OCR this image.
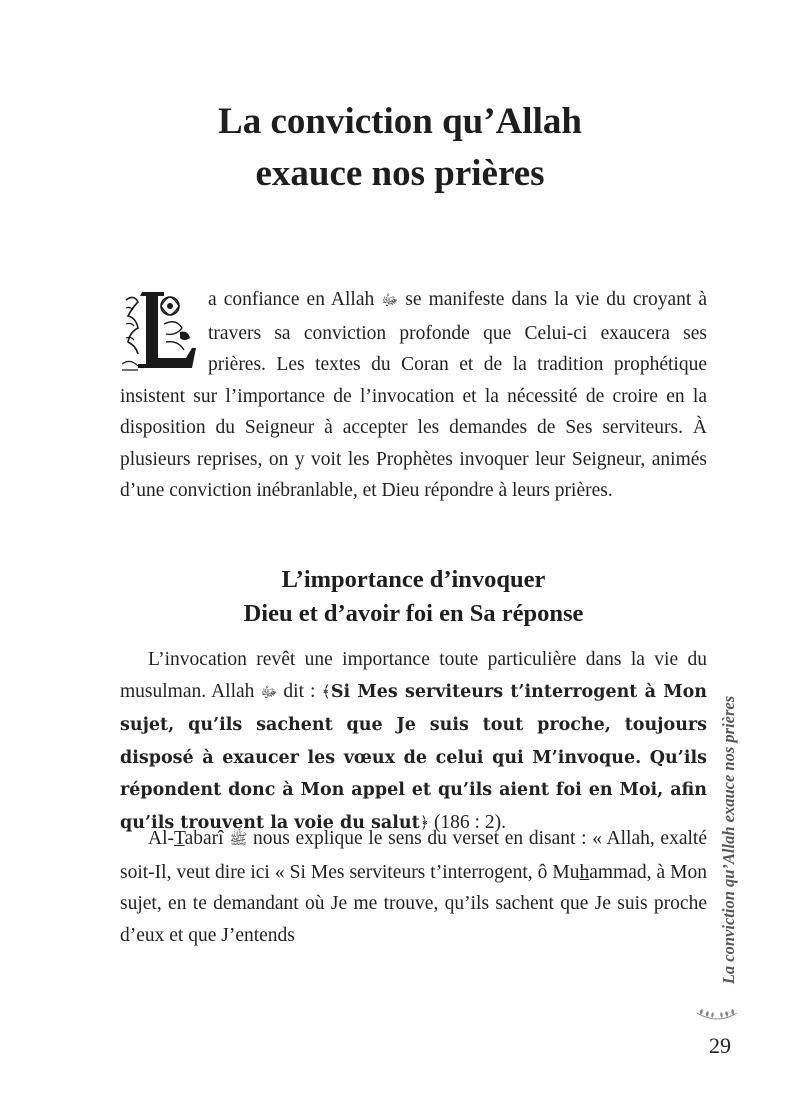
La conviction qu’Allah
exauce nos prières

a confiance en Allah ﷻ se manifeste dans la vie du croyant à travers sa conviction profonde que Celui-ci exaucera ses prières. Les textes du Coran et de la tradition prophétique insistent sur l’importance de l’invocation et la nécessité de croire en la disposition du Seigneur à accepter les demandes de Ses serviteurs. À plusieurs reprises, on y voit les Prophètes invoquer leur Seigneur, animés d’une conviction inébranlable, et Dieu répondre à leurs prières.

L’importance d’invoquer
Dieu et d’avoir foi en Sa réponse

L’invocation revêt une importance toute particulière dans la vie du musulman. Allah ﷻ dit : ﴾Si Mes serviteurs t’interrogent à Mon sujet, qu’ils sachent que Je suis tout proche, toujours disposé à exaucer les vœux de celui qui M’invoque. Qu’ils répondent donc à Mon appel et qu’ils aient foi en Moi, afin qu’ils trouvent la voie du salut﴿ (186 : 2).

Al-Tabarî ﷺ nous explique le sens du verset en disant : « Allah, exalté soit-Il, veut dire ici « Si Mes serviteurs t’interrogent, ô Muhammad, à Mon sujet, en te demandant où Je me trouve, qu’ils sachent que Je suis proche d’eux et que J’entends	La conviction qu’Allah exauce nos prières
29
